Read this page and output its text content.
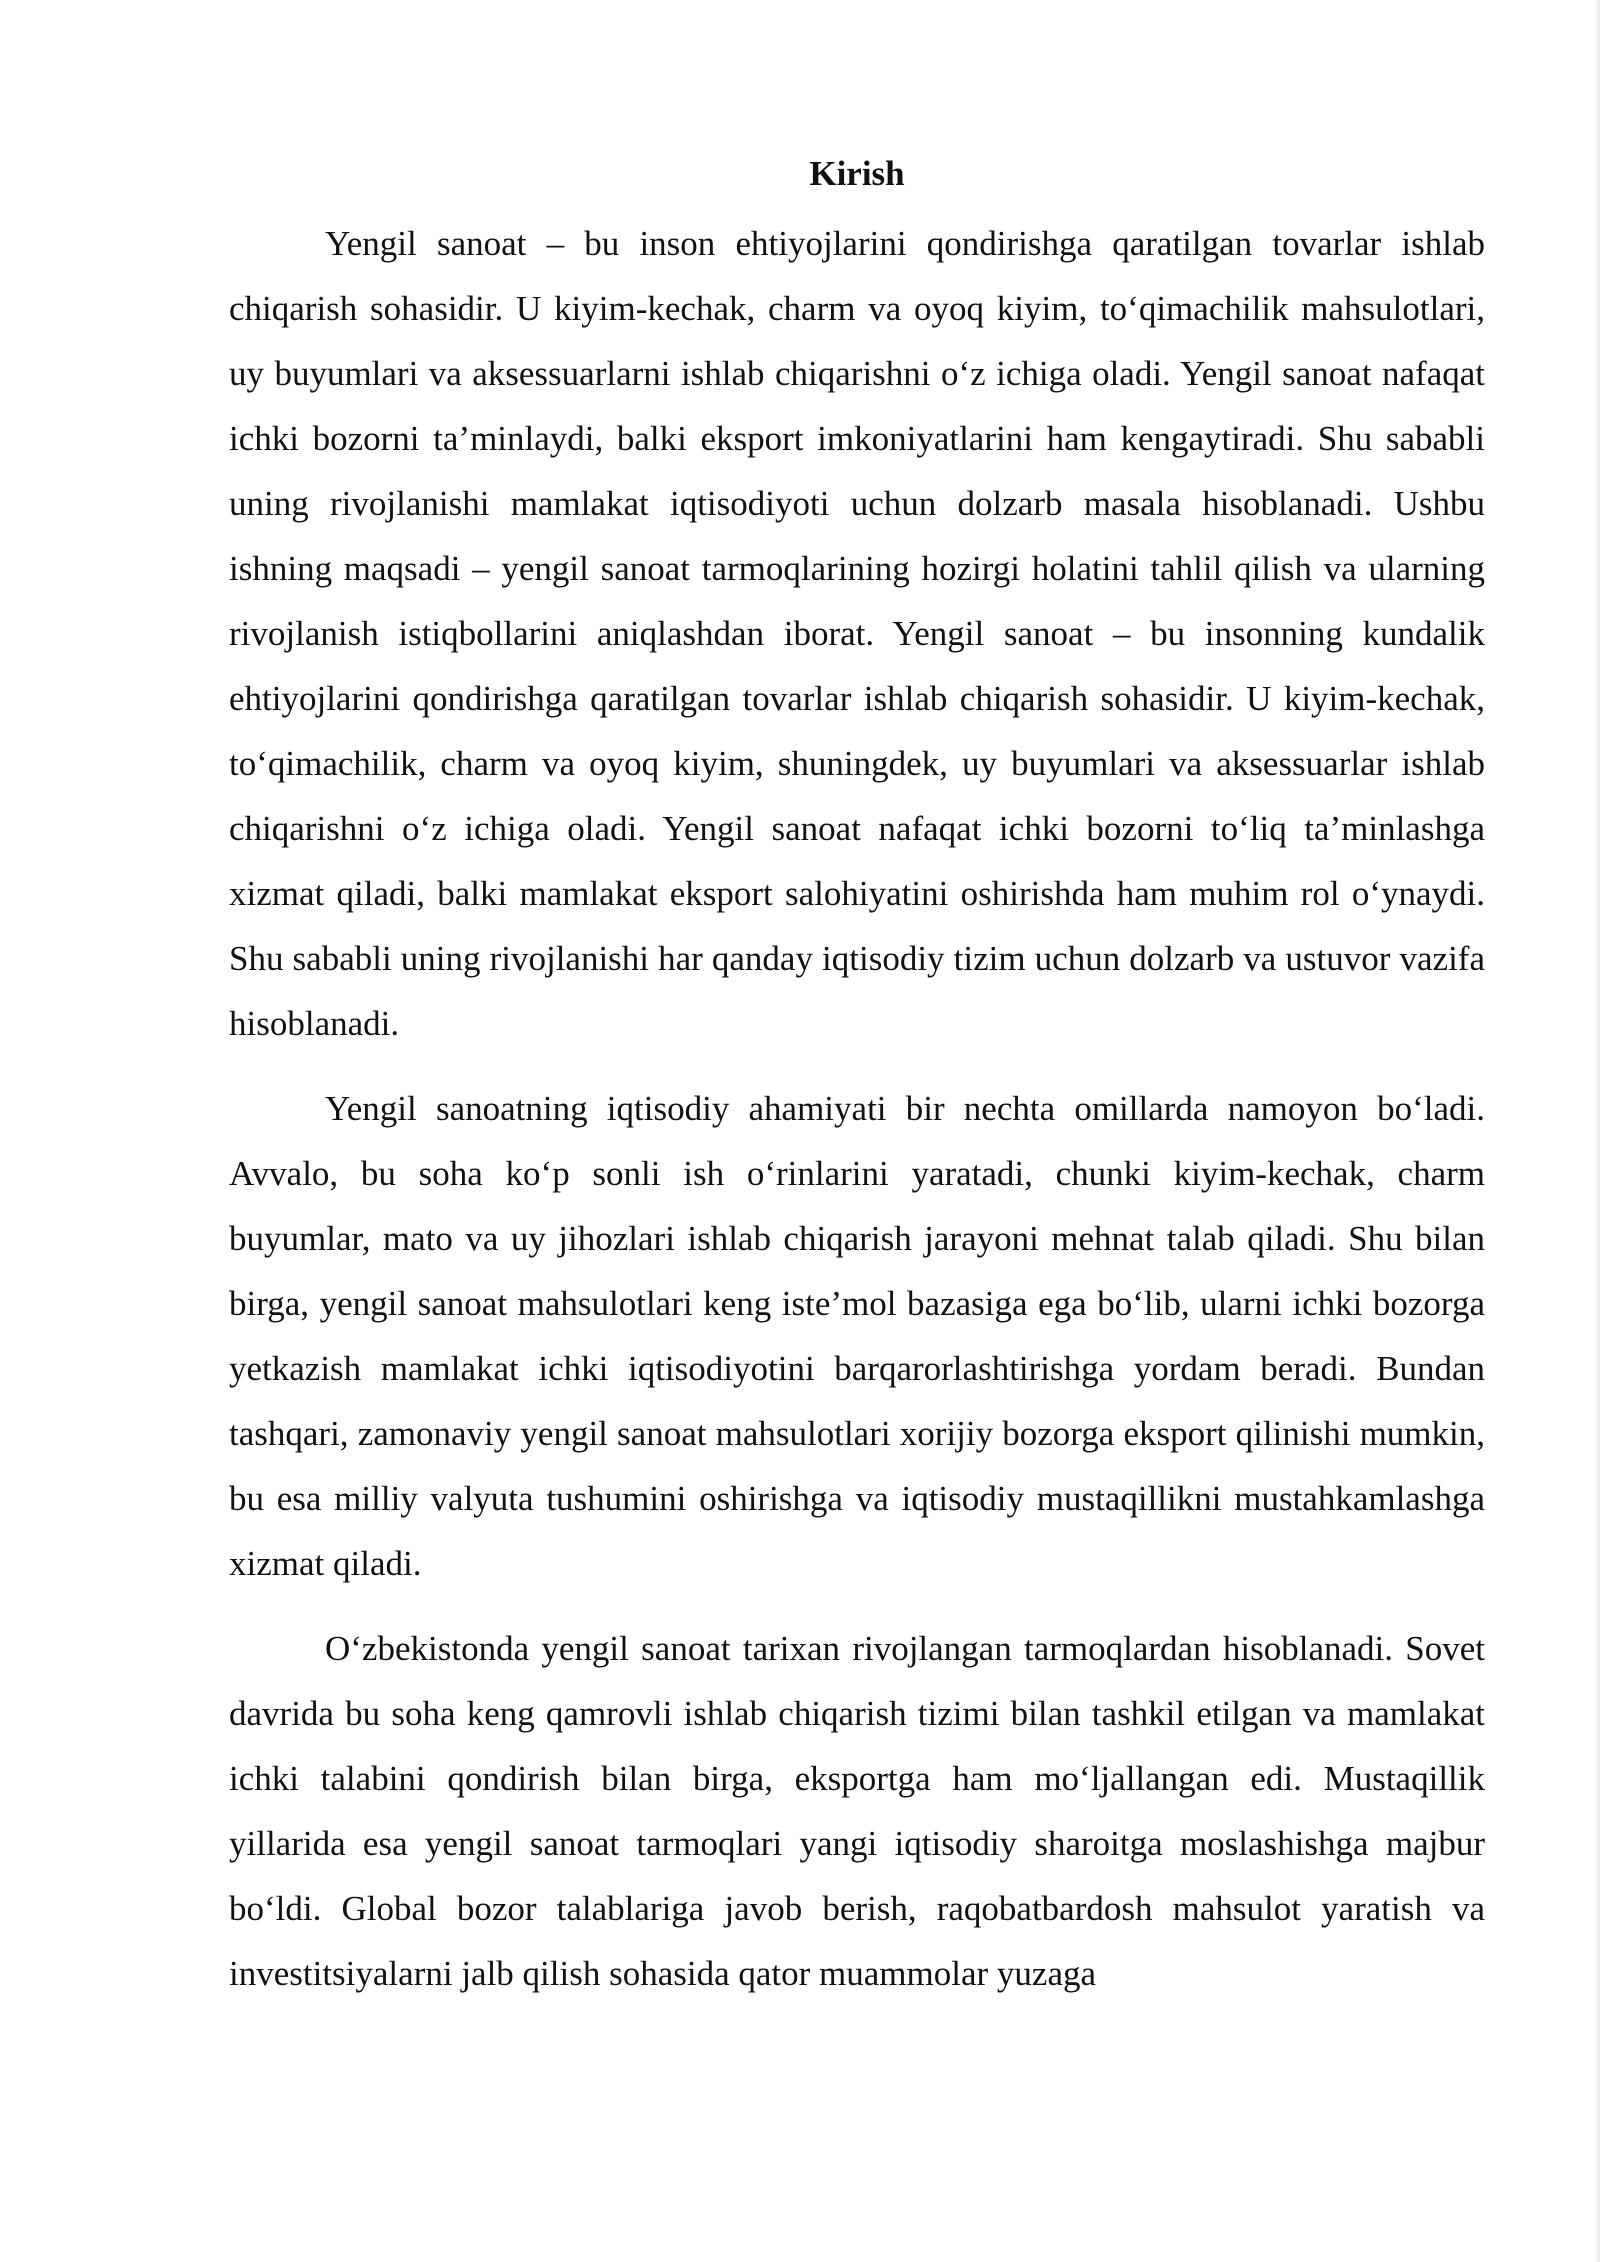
Kirish

Yengil sanoat – bu inson ehtiyojlarini qondirishga qaratilgan tovarlar ishlab chiqarish sohasidir. U kiyim-kechak, charm va oyoq kiyim, to‘qimachilik mahsulotlari, uy buyumlari va aksessuarlarni ishlab chiqarishni o‘z ichiga oladi. Yengil sanoat nafaqat ichki bozorni ta’minlaydi, balki eksport imkoniyatlarini ham kengaytiradi. Shu sababli uning rivojlanishi mamlakat iqtisodiyoti uchun dolzarb masala hisoblanadi. Ushbu ishning maqsadi – yengil sanoat tarmoqlarining hozirgi holatini tahlil qilish va ularning rivojlanish istiqbollarini aniqlashdan iborat. Yengil sanoat – bu insonning kundalik ehtiyojlarini qondirishga qaratilgan tovarlar ishlab chiqarish sohasidir. U kiyim-kechak, to‘qimachilik, charm va oyoq kiyim, shuningdek, uy buyumlari va aksessuarlar ishlab chiqarishni o‘z ichiga oladi. Yengil sanoat nafaqat ichki bozorni to‘liq ta’minlashga xizmat qiladi, balki mamlakat eksport salohiyatini oshirishda ham muhim rol o‘ynaydi. Shu sababli uning rivojlanishi har qanday iqtisodiy tizim uchun dolzarb va ustuvor vazifa hisoblanadi.

Yengil sanoatning iqtisodiy ahamiyati bir nechta omillarda namoyon bo‘ladi. Avvalo, bu soha ko‘p sonli ish o‘rinlarini yaratadi, chunki kiyim-kechak, charm buyumlar, mato va uy jihozlari ishlab chiqarish jarayoni mehnat talab qiladi. Shu bilan birga, yengil sanoat mahsulotlari keng iste’mol bazasiga ega bo‘lib, ularni ichki bozorga yetkazish mamlakat ichki iqtisodiyotini barqarorlashtirishga yordam beradi. Bundan tashqari, zamonaviy yengil sanoat mahsulotlari xorijiy bozorga eksport qilinishi mumkin, bu esa milliy valyuta tushumini oshirishga va iqtisodiy mustaqillikni mustahkamlashga xizmat qiladi.

O‘zbekistonda yengil sanoat tarixan rivojlangan tarmoqlardan hisoblanadi. Sovet davrida bu soha keng qamrovli ishlab chiqarish tizimi bilan tashkil etilgan va mamlakat ichki talabini qondirish bilan birga, eksportga ham mo‘ljallangan edi. Mustaqillik yillarida esa yengil sanoat tarmoqlari yangi iqtisodiy sharoitga moslashishga majbur bo‘ldi. Global bozor talablariga javob berish, raqobatbardosh mahsulot yaratish va investitsiyalarni jalb qilish sohasida qator muammolar yuzaga
